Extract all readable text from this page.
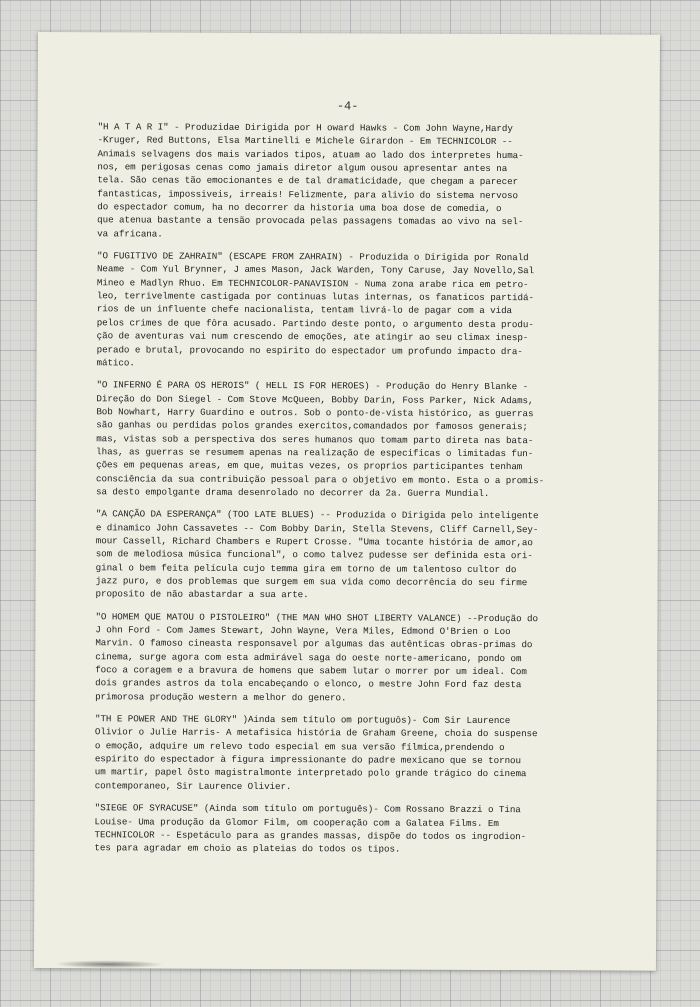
-4-
"H A T A R I" - Produzidae Dirigida por H oward Hawks - Com John Wayne,Hardy
-Kruger, Red Buttons, Elsa Martinelli e Michele Girardon - Em TECHNICOLOR --
Animais selvagens dos mais variados tipos, atuam ao lado dos interpretes huma-
nos, em perigosas cenas como jamais diretor algum ousou apresentar antes na
tela. São cenas tão emocionantes e de tal dramaticidade, que chegam a parecer
fantasticas, impossiveis, irreais! Felizmente, para alivio do sistema nervoso
do espectador comum, ha no decorrer da historia uma boa dose de comedia, o
que atenua bastante a tensão provocada pelas passagens tomadas ao vivo na sel-
va africana.
"O FUGITIVO DE ZAHRAIN" (ESCAPE FROM ZAHRAIN) - Produzida o Dirigida por Ronald
Neame - Com Yul Brynner, J ames Mason, Jack Warden, Tony Caruse, Jay Novello,Sal
Mineo e Madlyn Rhuo. Em TECHNICOLOR-PANAVISION - Numa zona arabe rica em petro-
leo, terrivelmente castigada por continuas lutas internas, os fanaticos partidá-
rios de un influente chefe nacionalista, tentam livrá-lo de pagar com a vida
pelos crimes de que fôra acusado. Partindo deste ponto, o argumento desta produ-
ção de aventuras vai num crescendo de emoções, ate atingir ao seu climax inesp-
perado e brutal, provocando no espirito do espectador um profundo impacto dra-
mático.
"O INFERNO É PARA OS HEROIS" ( HELL IS FOR HEROES) - Produção do Henry Blanke -
Direção do Don Siegel - Com Stove McQueen, Bobby Darin, Foss Parker, Nick Adams,
Bob Nowhart, Harry Guardino e outros. Sob o ponto-de-vista histórico, as guerras
são ganhas ou perdidas polos grandes exercitos,comandados por famosos generais;
mas, vistas sob a perspectiva dos seres humanos quo tomam parto direta nas bata-
lhas, as guerras se resumem apenas na realização de especificas o limitadas fun-
ções em pequenas areas, em que, muitas vezes, os proprios participantes tenham
consciência da sua contribuição pessoal para o objetivo em monto. Esta o a promis-
sa desto empolgante drama desenrolado no decorrer da 2a. Guerra Mundial.
"A CANÇÃO DA ESPERANÇA" (TOO LATE BLUES) -- Produzida o Dirigida pelo inteligente
e dinamico John Cassavetes -- Com Bobby Darin, Stella Stevens, Cliff Carnell,Sey-
mour Cassell, Richard Chambers e Rupert Crosse. "Uma tocante história de amor,ao
som de melodiosa música funcional", o como talvez pudesse ser definida esta ori-
ginal o bem feita película cujo temma gira em torno de um talentoso cultor do
jazz puro, e dos problemas que surgem em sua vida como decorrência do seu firme
proposito de não abastardar a sua arte.
"O HOMEM QUE MATOU O PISTOLEIRO" (THE MAN WHO SHOT LIBERTY VALANCE) --Produção do
J ohn Ford - Com James Stewart, John Wayne, Vera Miles, Edmond O'Brien o Loo
Marvin. O famoso cineasta responsavel por algumas das autênticas obras-primas do
cinema, surge agora com esta admirável saga do oeste norte-americano, pondo om
foco a coragem e a bravura de homens que sabem lutar o morrer por um ideal. Com
dois grandes astros da tola encabeçando o elonco, o mestre John Ford faz desta
primorosa produção western a melhor do genero.
"TH E POWER AND THE GLORY" )Ainda sem título om portuguôs)- Com Sir Laurence
Olivior o Julie Harris- A metafisica história de Graham Greene, choia do suspense
o emoção, adquire um relevo todo especial em sua versão fílmica,prendendo o
espirito do espectador à figura impressionante do padre mexicano que se tornou
um martir, papel ôsto magistralmonte interpretado polo grande trágico do cinema
contemporaneo, Sir Laurence Olivier.
"SIEGE OF SYRACUSE" (Ainda som título om português)- Com Rossano Brazzi o Tina
Louise- Uma produção da Glomor Film, om cooperação com a Galatea Films. Em
TECHNICOLOR -- Espetáculo para as grandes massas, dispõe do todos os ingrodion-
tes para agradar em choio as plateias do todos os tipos.
